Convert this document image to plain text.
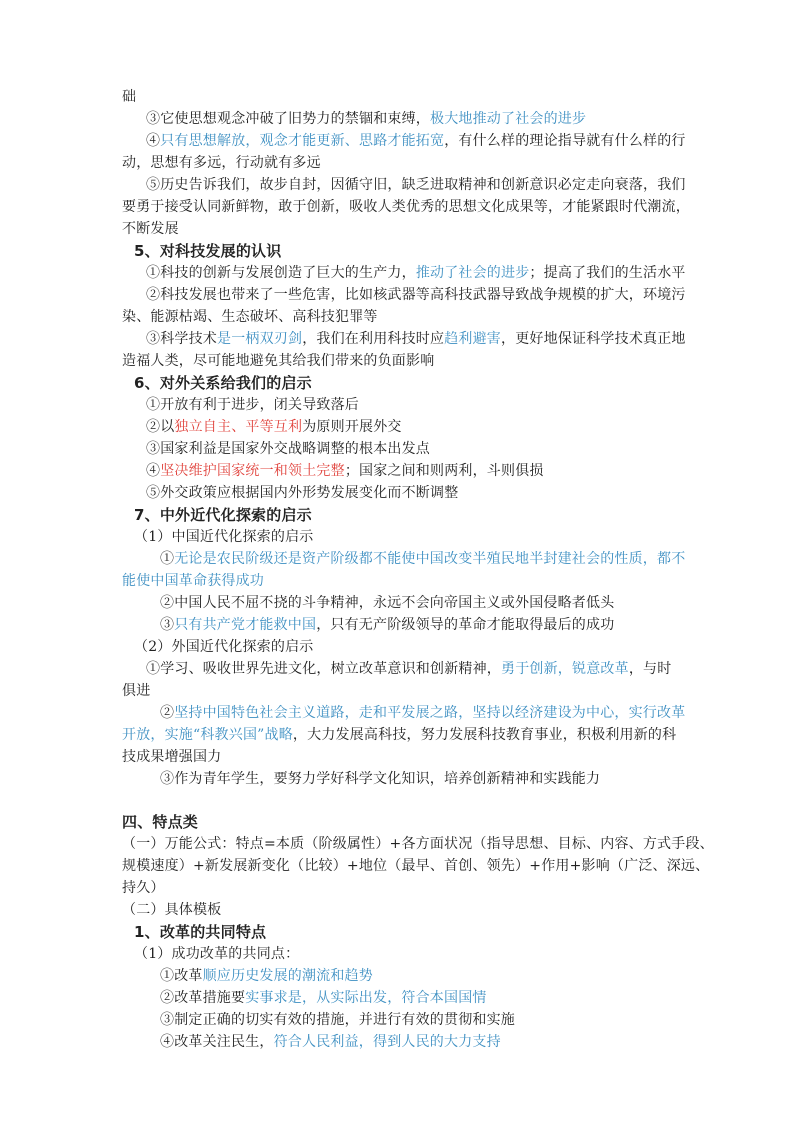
础
③它使思想观念冲破了旧势力的禁锢和束缚，极大地推动了社会的进步
④只有思想解放，观念才能更新、思路才能拓宽，有什么样的理论指导就有什么样的行
动，思想有多远，行动就有多远
⑤历史告诉我们，故步自封，因循守旧，缺乏进取精神和创新意识必定走向衰落，我们
要勇于接受认同新鲜物，敢于创新，吸收人类优秀的思想文化成果等，才能紧跟时代潮流，
不断发展
5、对科技发展的认识
①科技的创新与发展创造了巨大的生产力，推动了社会的进步；提高了我们的生活水平
②科技发展也带来了一些危害，比如核武器等高科技武器导致战争规模的扩大，环境污
染、能源枯竭、生态破坏、高科技犯罪等
③科学技术是一柄双刃剑，我们在利用科技时应趋利避害，更好地保证科学技术真正地
造福人类，尽可能地避免其给我们带来的负面影响
6、对外关系给我们的启示
①开放有利于进步，闭关导致落后
②以独立自主、平等互利为原则开展外交
③国家利益是国家外交战略调整的根本出发点
④坚决维护国家统一和领土完整；国家之间和则两利，斗则俱损
⑤外交政策应根据国内外形势发展变化而不断调整
7、中外近代化探索的启示
（1）中国近代化探索的启示
①无论是农民阶级还是资产阶级都不能使中国改变半殖民地半封建社会的性质，都不
能使中国革命获得成功
②中国人民不屈不挠的斗争精神，永远不会向帝国主义或外国侵略者低头
③只有共产党才能救中国，只有无产阶级领导的革命才能取得最后的成功
（2）外国近代化探索的启示
①学习、吸收世界先进文化，树立改革意识和创新精神，勇于创新，锐意改革，与时
俱进
②坚持中国特色社会主义道路，走和平发展之路，坚持以经济建设为中心，实行改革
开放，实施“科教兴国”战略，大力发展高科技，努力发展科技教育事业，积极利用新的科
技成果增强国力
③作为青年学生，要努力学好科学文化知识，培养创新精神和实践能力
四、特点类
（一）万能公式：特点=本质（阶级属性）+各方面状况（指导思想、目标、内容、方式手段、
规模速度）+新发展新变化（比较）+地位（最早、首创、领先）+作用+影响（广泛、深远、
持久）
（二）具体模板
1、改革的共同特点
（1）成功改革的共同点：
①改革顺应历史发展的潮流和趋势
②改革措施要实事求是，从实际出发，符合本国国情
③制定正确的切实有效的措施，并进行有效的贯彻和实施
④改革关注民生，符合人民利益，得到人民的大力支持
